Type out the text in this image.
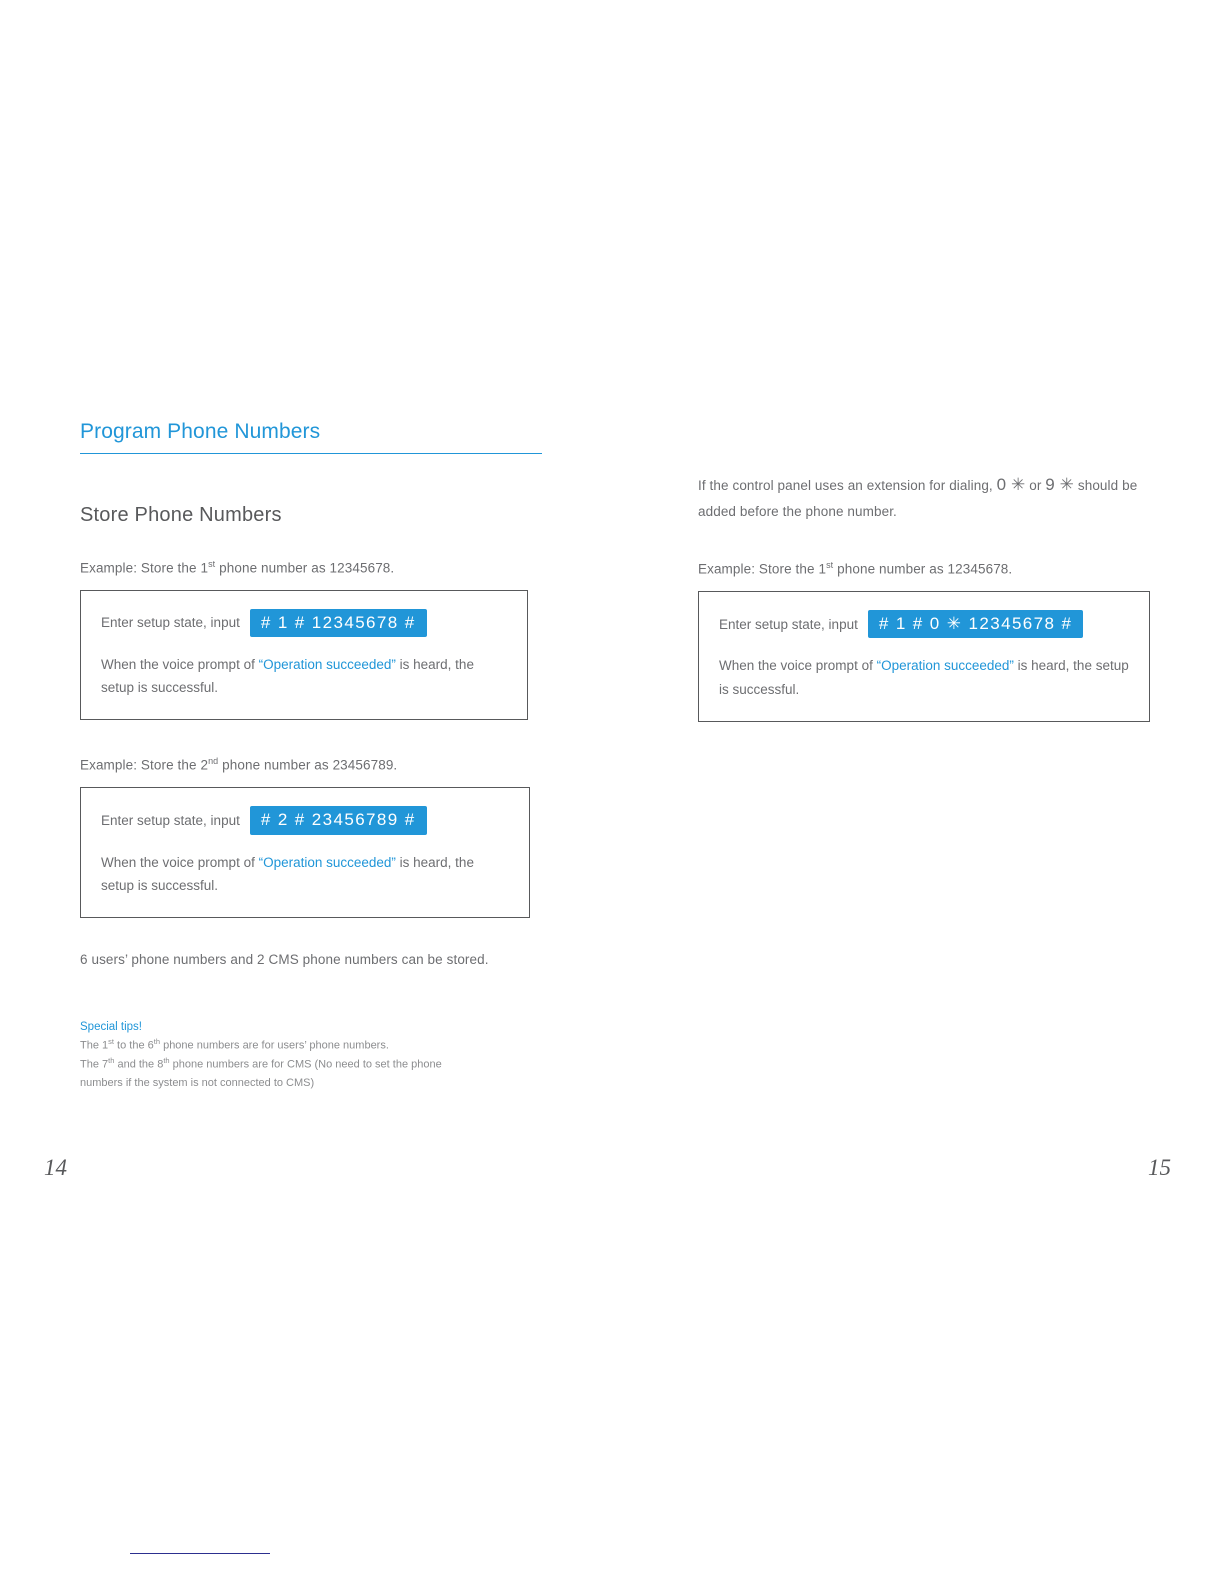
Program Phone Numbers
Store Phone Numbers

Example: Store the 1st phone number as 12345678.

Enter setup state, input	# 1 # 12345678 #
When the voice prompt of “Operation succeeded” is heard, the setup is successful.

Example: Store the 2nd phone number as 23456789.

Enter setup state, input	# 2 # 23456789 #
When the voice prompt of “Operation succeeded” is heard, the setup is successful.

6 users’ phone numbers and 2 CMS phone numbers can be stored.

Special tips!

The 1st to the 6th phone numbers are for users’ phone numbers.

The 7th and the 8th phone numbers are for CMS (No need to set the phone

numbers if the system is not connected to CMS)

If the control panel uses an extension for dialing, 0 ✳ or 9 ✳ should be added before the phone number.

Example: Store the 1st phone number as 12345678.

Enter setup state, input	# 1 # 0 ✳ 12345678 #
When the voice prompt of “Operation succeeded” is heard, the setup is successful.
14	15
